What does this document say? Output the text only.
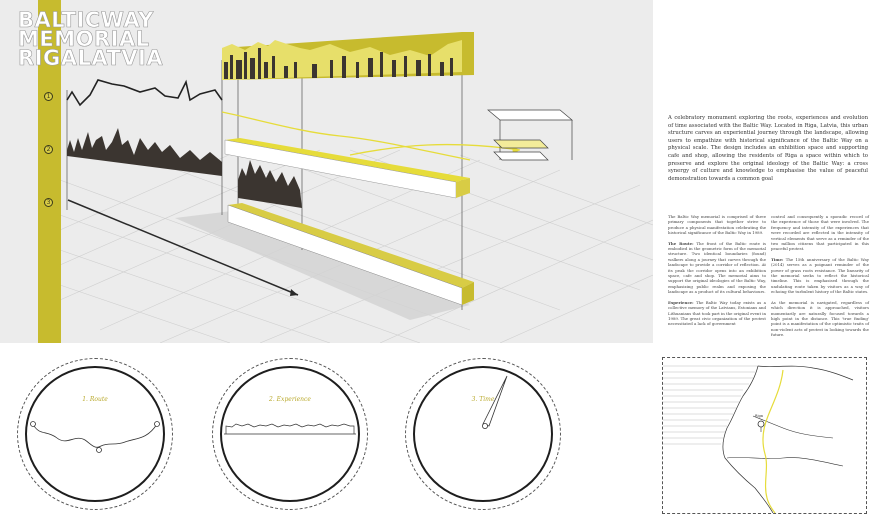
1
2
3
BALTICWAY
MEMORIAL
RIGALATVIA
A celebratory monument exploring the roots, experiences and evolution of time associated with the Baltic Way. Located in Riga, Latvia, this urban structure carves an experiential journey through the landscape, allowing users to empathize with historical significance of the Baltic Way on a physical scale. The design includes an exhibition space and supporting cafe and shop, allowing the residents of Riga a space within which to preserve and explore the original ideology of the Baltic Way: a cross synergy of culture and knowledge to emphasise the value of peaceful demonstration towards a common goal

The Baltic Way memorial is comprised of three primary components that together strive to produce a physical manifestation celebrating the historical significance of the Baltic Way in 1989.

The Route: The front of the Baltic route is embodied in the geometric form of the memorial structure. Two identical boundaries (found) walkers along a journey that carves through the landscape to provide a corridor of reflection. At its peak the corridor opens into an exhibition space, cafe and shop. The memorial aims to support the original ideologies of the Baltic Way, emphasizing public realm and exposing the landscape as a product of its cultural behaviours.

Experience: The Baltic Way today exists as a collective memory of the Latvians, Estonians and Lithuanians that took part in the original event in 1989. The great civic organization of the protest necessitated a lack of government

control and consequently a sporadic record of the experience of those that were involved. The frequency and intensity of the experiences that were recorded are reflected in the intensity of vertical elements that serve as a reminder of the two million citizens that participated in this peaceful protest.

Time: The 15th anniversary of the Baltic Way (2014) serves as a poignant reminder of the power of grass roots resistance. The linearity of the memorial seeks to reflect the historical timeline. This is emphasised through the undulating route taken by visitors as a way of echoing the turbulent history of the Baltic states.

As the memorial is navigated, regardless of which direction it is approached, visitors momentarily are naturally focused towards a high point in the distance. This 'true finding' point is a manifestation of the optimistic traits of non-violent acts of protest in looking towards the future.

1. Route	2. Experience	3. Time
Riga
